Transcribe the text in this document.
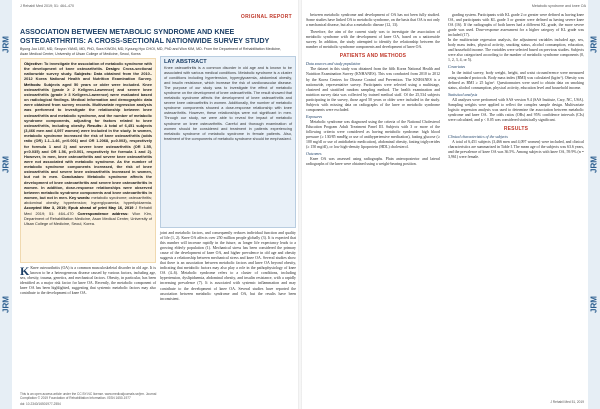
JRM
JRM
JRM
JRM
JRM
JRM
J Rehabil Med 2019; 51: 464–470	Metabolic syndrome and knee OA
ORIGINAL REPORT
ASSOCIATION BETWEEN METABOLIC SYNDROME AND KNEE OSTEOARTHRITIS: A CROSS-SECTIONAL NATIONWIDE SURVEY STUDY
Byung Joo LEE, MD, Seoyon YANG, MD, PhD, Sora KWON, MD, Kyoung Hyo CHOI, MD, PhD and Won KIM, MD. From the Department of Rehabilitation Medicine, Asan Medical Center, University of Ulsan College of Medicine, Seoul, Korea

Objective: To investigate the association of metabolic syndrome with the development of knee osteoarthritis. Design: Cross-sectional nationwide survey study. Subjects: Data obtained from the 2010–2012 Korea National Health and Nutrition Examination Survey. Methods: Subjects aged 50 years or older were included. Knee osteoarthritis (grade ≥ 2 Kellgren-Lawrence) and severe knee osteoarthritis (grade ≥ 3 Kellgren-Lawrence) were evaluated based on radiological findings. Medical information and demographic data were obtained from survey records. Multivariate regression analysis was performed to investigate the relationship between knee osteoarthritis and metabolic syndrome, and the number of metabolic syndrome components, adjusting for factors related to knee osteoarthritis, including obesity. Results: A total of 6,451 subjects (3,466 men and 4,097 women) were included in the study. In women, metabolic syndrome increased the risk of knee osteoarthritis (odds ratio (OR) 1.1–1.46, p<0.001) and OR 1.2068, p=0.003), respectively for formula 1 and 2) and severe knee osteoarthritis (OR 1.55, p<0.035) and OR 1.56, p<0.001, respectively for formula 1 and 2). However, in men, knee osteoarthritis and severe knee osteoarthritis were not associated with metabolic syndrome. As the number of metabolic syndrome components increased, the risk of knee osteoarthritis and severe knee osteoarthritis increased in women, but not in men. Conclusion: Metabolic syndrome affects the development of knee osteoarthritis and severe knee osteoarthritis in women. In addition, dose-response relationships were observed between metabolic syndrome components and knee osteoarthritis in women, but not in men. Key words: metabolic syndrome; osteoarthritis; abdominal obesity; hypertension; hyperglycaemia; hyperlipidaemia. Accepted Mar 3, 2019; Epub ahead of print May 16, 2019 J Rehabil Med 2019; 51: 464–470 Correspondence address: Won Kim, Department of Rehabilitation Medicine, Asan Medical Center, University of Ulsan College of Medicine, Seoul, Korea.

LAY ABSTRACT

Knee osteoarthritis is a common disorder in old age and is known to be associated with various medical conditions. Metabolic syndrome is a cluster of conditions including hypertension, hyperglycaemia, abdominal obesity, and insulin resistance, which increase the risk of cardiovascular disease. The purpose of our study was to investigate the effect of metabolic syndrome on the development of knee osteoarthritis. The result showed that metabolic syndrome affects the development of knee osteoarthritis and severe knee osteoarthritis in women. Additionally, the number of metabolic syndrome components showed a dose-response relationship with knee osteoarthritis. However, these relationships were not significant in men. Through our study, we were able to reveal the impact of metabolic syndrome on knee osteoarthritis. Careful and thorough examination of women should be considered and treatment in patients experiencing metabolic syndrome of metabolic syndrome in female patients. Also, treatment of the components of metabolic syndrome should be emphasized.

K Knee osteoarthritis (OA) is a common musculoskeletal disorder in old age. It is known to be a heterogeneous disease caused by various factors, including age, sex, obesity, trauma, genetics, and mechanical factors. Obesity, in particular, has been identified as a major risk factor for knee OA. Recently, the metabolic component of knee OA has been highlighted, suggesting that systemic metabolic factors may also contribute to the development of knee OA.
joint and metabolic factors, and consequently reduces individual function and quality of life (1, 2). Knee OA affects over 250 million people globally (3). It is expected that this number will increase rapidly in the future, as longer life expectancy leads to a growing elderly population (1). Mechanical stress has been considered the primary cause of the development of knee OA, and higher prevalence in old age and obesity suggests a relationship between mechanical stress and knee OA. Several studies show that there is an association between metabolic factors and knee OA beyond obesity, indicating that metabolic factors may also play a role in the pathophysiology of knee OA (4–6). Metabolic syndrome refers to a cluster of conditions, including hypertension, dyslipidaemia, abdominal obesity, and insulin resistance, with a rapidly increasing prevalence (7). It is associated with systemic inflammation and may contribute to the development of knee OA. Several studies have reported the association between metabolic syndrome and OA, but the results have been inconsistent.
This is an open access article under the CC BY-NC license. www.medicaljournals.se/jrm. Journal Compilation © 2019 Foundation of Rehabilitation Information. ISSN 1650-1977
doi: 10.2340/16501977-2554

between metabolic syndrome and development of OA has not been fully studied. Some studies have linked OA to metabolic syndrome, on the basis that OA is not only a mechanical disease, but also a metabolic disease (12, 13).

Therefore, the aim of the current study was to investigate the association of metabolic syndrome with the development of knee OA, based on a nationwide survey. In addition, the study attempted to identify the relationship between the number of metabolic syndrome components and development of knee OA.

PATIENTS AND METHODS
Data sources and study population

The dataset in this study was obtained from the fifth Korea National Health and Nutrition Examination Survey (KNHANES). This was conducted from 2010 to 2012 by the Korea Centers for Disease Control and Prevention. The KNHANES is a nationwide, representative survey. Participants were selected using a multistage, clustered and stratified random sampling method. The health examination and nutrition survey data was collected by trained medical staff. Of the 25,534 subjects participating in the survey, those aged 50 years or older were included in the study. Subjects with missing data on radiographs of the knee or metabolic syndrome components were excluded.

Exposures

Metabolic syndrome was diagnosed using the criteria of the National Cholesterol Education Program Adult Treatment Panel III. Subjects with 3 or more of the following criteria were considered as having metabolic syndrome: high blood pressure (≥ 130/85 mmHg or use of antihypertensive medication), fasting glucose (≥ 100 mg/dl or use of antidiabetic medication), abdominal obesity, fasting triglycerides (≥ 150 mg/dl), or low high-density lipoprotein (HDL) cholesterol.

Outcomes

Knee OA was assessed using radiographs. Plain anteroposterior and lateral radiographs of the knee were obtained using a weight-bearing position.

grading system. Participants with KL grade 2 or greater were defined as having knee OA, and participants with KL grade 3 or greater were defined as having severe knee OA (16). If the radiographs of both knees had a different KL grade, the more severe grade was used. Dose-response assessment for a higher category of KL grade was included (17).
In the multivariate regression analysis, the adjustment variables included age, sex, body mass index, physical activity, smoking status, alcohol consumption, education, and household income. The variables were selected based on previous studies. Subjects were also categorized according to the number of metabolic syndrome components (0, 1, 2, 3, 4, or 5).

Covariates

In the initial survey, body weight, height, and waist circumference were measured using standard protocols. Body mass index (BMI) was calculated (kg/m²). Obesity was defined as BMI ≥ 25 kg/m². Questionnaires were used to obtain data on smoking status, alcohol consumption, physical activity, education level and household income.

Statistical analysis

All analyses were performed with SAS version 9.4 (SAS Institute, Cary, NC, USA). Sampling weights were applied to reflect the complex sample design. Multivariate logistic regression analysis was used to determine the association between metabolic syndrome and knee OA. The odds ratios (ORs) and 95% confidence intervals (CIs) were calculated, and p < 0.05 was considered statistically significant.

RESULTS
Clinical characteristics of the subjects

A total of 6,451 subjects (3,466 men and 4,097 women) were included, and clinical characteristics are summarized in Table I. The mean age of the subjects was 63.6 years, and the prevalence of knee OA was 36.5%. Among subjects with knee OA, 59.9% (n = 3,961) were female.

J Rehabil Med 51, 2019
